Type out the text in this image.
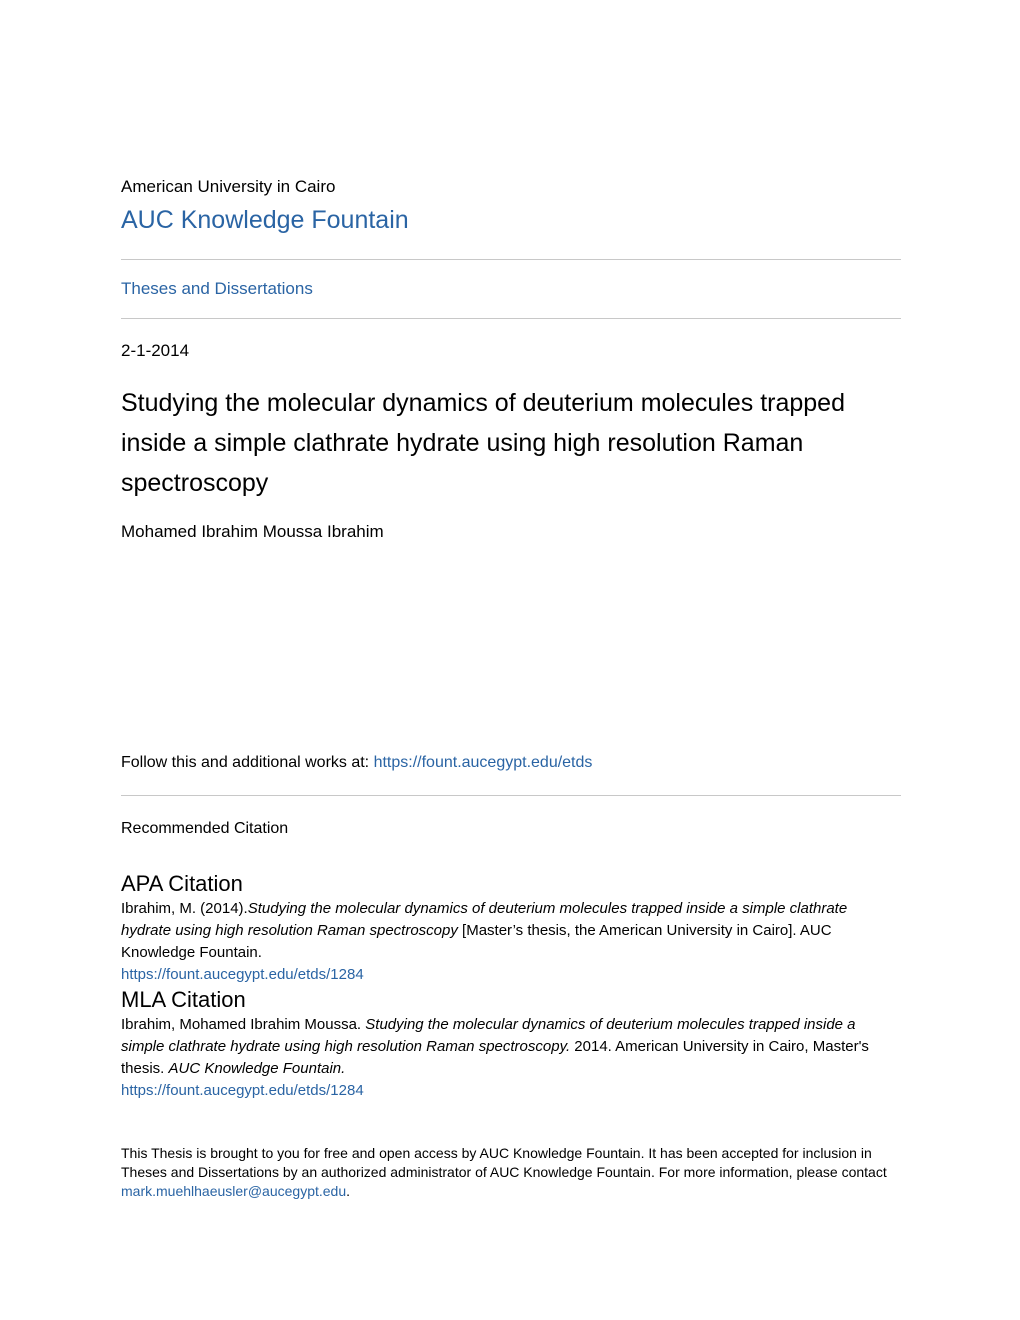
American University in Cairo
AUC Knowledge Fountain
Theses and Dissertations
2-1-2014
Studying the molecular dynamics of deuterium molecules trapped inside a simple clathrate hydrate using high resolution Raman spectroscopy
Mohamed Ibrahim Moussa Ibrahim
Follow this and additional works at: https://fount.aucegypt.edu/etds
Recommended Citation
APA Citation
Ibrahim, M. (2014).Studying the molecular dynamics of deuterium molecules trapped inside a simple clathrate hydrate using high resolution Raman spectroscopy [Master’s thesis, the American University in Cairo]. AUC Knowledge Fountain.
https://fount.aucegypt.edu/etds/1284
MLA Citation
Ibrahim, Mohamed Ibrahim Moussa. Studying the molecular dynamics of deuterium molecules trapped inside a simple clathrate hydrate using high resolution Raman spectroscopy. 2014. American University in Cairo, Master's thesis. AUC Knowledge Fountain.
https://fount.aucegypt.edu/etds/1284
This Thesis is brought to you for free and open access by AUC Knowledge Fountain. It has been accepted for inclusion in Theses and Dissertations by an authorized administrator of AUC Knowledge Fountain. For more information, please contact mark.muehlhaeusler@aucegypt.edu.
